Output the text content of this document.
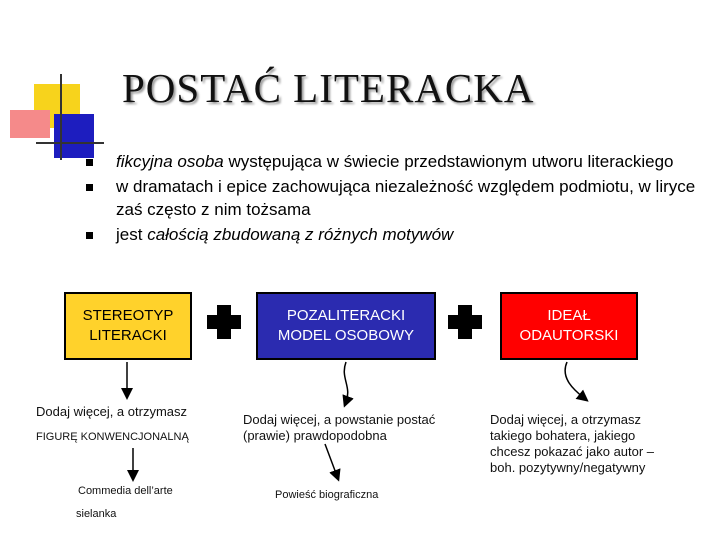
POSTAĆ LITERACKA
fikcyjna osoba występująca w świecie przedstawionym utworu literackiego
w dramatach i epice zachowująca niezależność względem podmiotu, w liryce zaś często z nim tożsama
jest całością zbudowaną z różnych motywów
STEREOTYP
LITERACKI
POZALITERACKI
MODEL OSOBOWY
IDEAŁ
ODAUTORSKI
Dodaj więcej, a otrzymasz
FIGURĘ KONWENCJONALNĄ
Commedia dell’arte
sielanka
Dodaj więcej, a powstanie postać
(prawie) prawdopodobna
Powieść biograficzna
Dodaj więcej, a otrzymasz
takiego bohatera, jakiego
chcesz pokazać jako autor –
boh. pozytywny/negatywny
